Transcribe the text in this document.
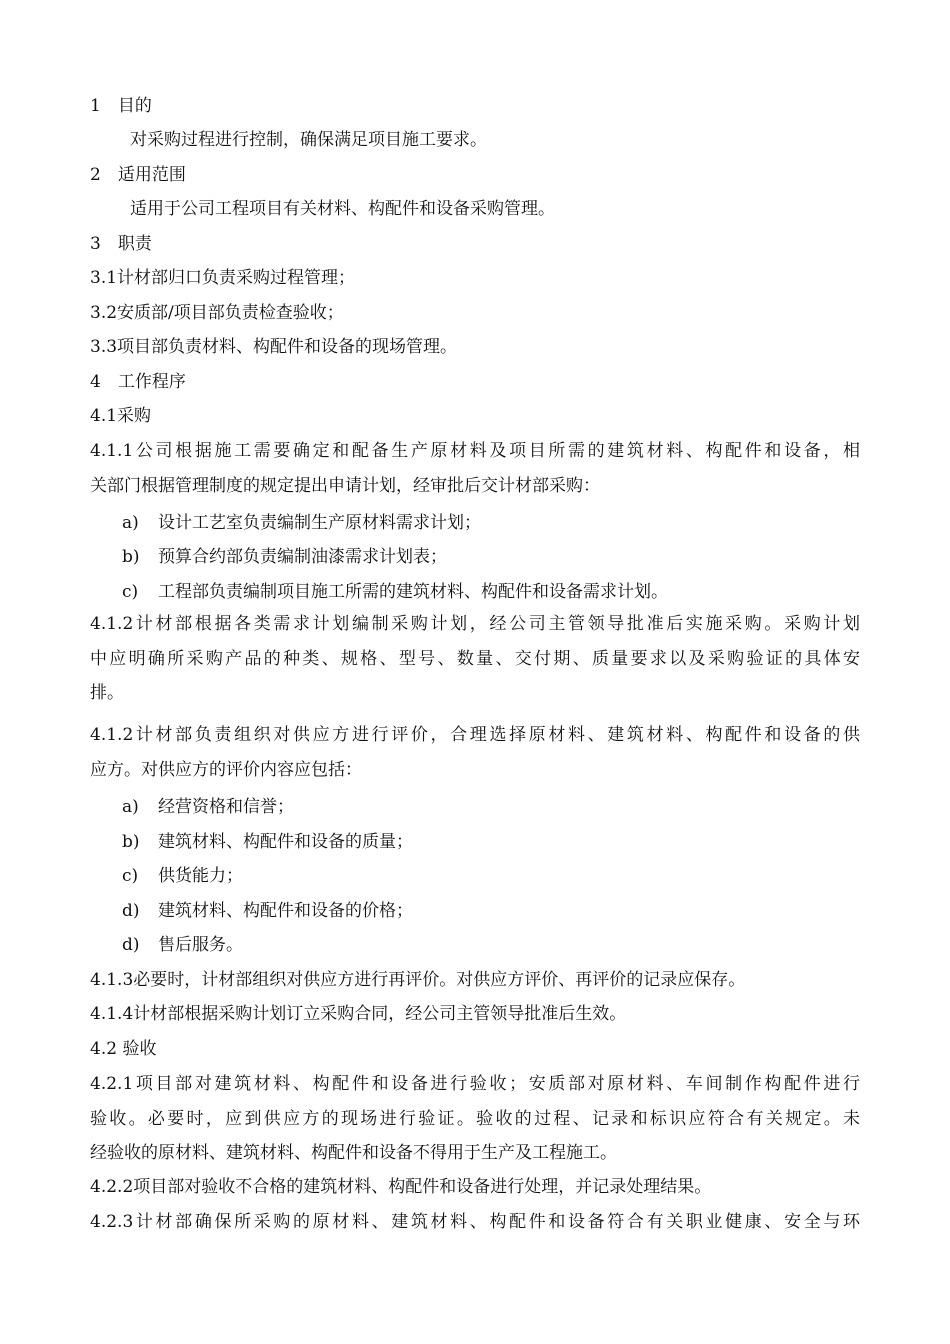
1　目的
对采购过程进行控制，确保满足项目施工要求。
2　适用范围
适用于公司工程项目有关材料、构配件和设备采购管理。
3　职责
3.1计材部归口负责采购过程管理；
3.2安质部/项目部负责检查验收；
3.3项目部负责材料、构配件和设备的现场管理。
4　工作程序
4.1采购
4.1.1公司根据施工需要确定和配备生产原材料及项目所需的建筑材料、构配件和设备，相
关部门根据管理制度的规定提出申请计划，经审批后交计材部采购：
a) 设计工艺室负责编制生产原材料需求计划；
b) 预算合约部负责编制油漆需求计划表；
c) 工程部负责编制项目施工所需的建筑材料、构配件和设备需求计划。
4.1.2计材部根据各类需求计划编制采购计划，经公司主管领导批准后实施采购。采购计划
中应明确所采购产品的种类、规格、型号、数量、交付期、质量要求以及采购验证的具体安
排。
4.1.2计材部负责组织对供应方进行评价，合理选择原材料、建筑材料、构配件和设备的供
应方。对供应方的评价内容应包括：
a) 经营资格和信誉；
b) 建筑材料、构配件和设备的质量；
c) 供货能力；
d) 建筑材料、构配件和设备的价格；
d) 售后服务。
4.1.3必要时，计材部组织对供应方进行再评价。对供应方评价、再评价的记录应保存。
4.1.4计材部根据采购计划订立采购合同，经公司主管领导批准后生效。
4.2 验收
4.2.1项目部对建筑材料、构配件和设备进行验收；安质部对原材料、车间制作构配件进行
验收。必要时，应到供应方的现场进行验证。验收的过程、记录和标识应符合有关规定。未
经验收的原材料、建筑材料、构配件和设备不得用于生产及工程施工。
4.2.2项目部对验收不合格的建筑材料、构配件和设备进行处理，并记录处理结果。
4.2.3计材部确保所采购的原材料、建筑材料、构配件和设备符合有关职业健康、安全与环
